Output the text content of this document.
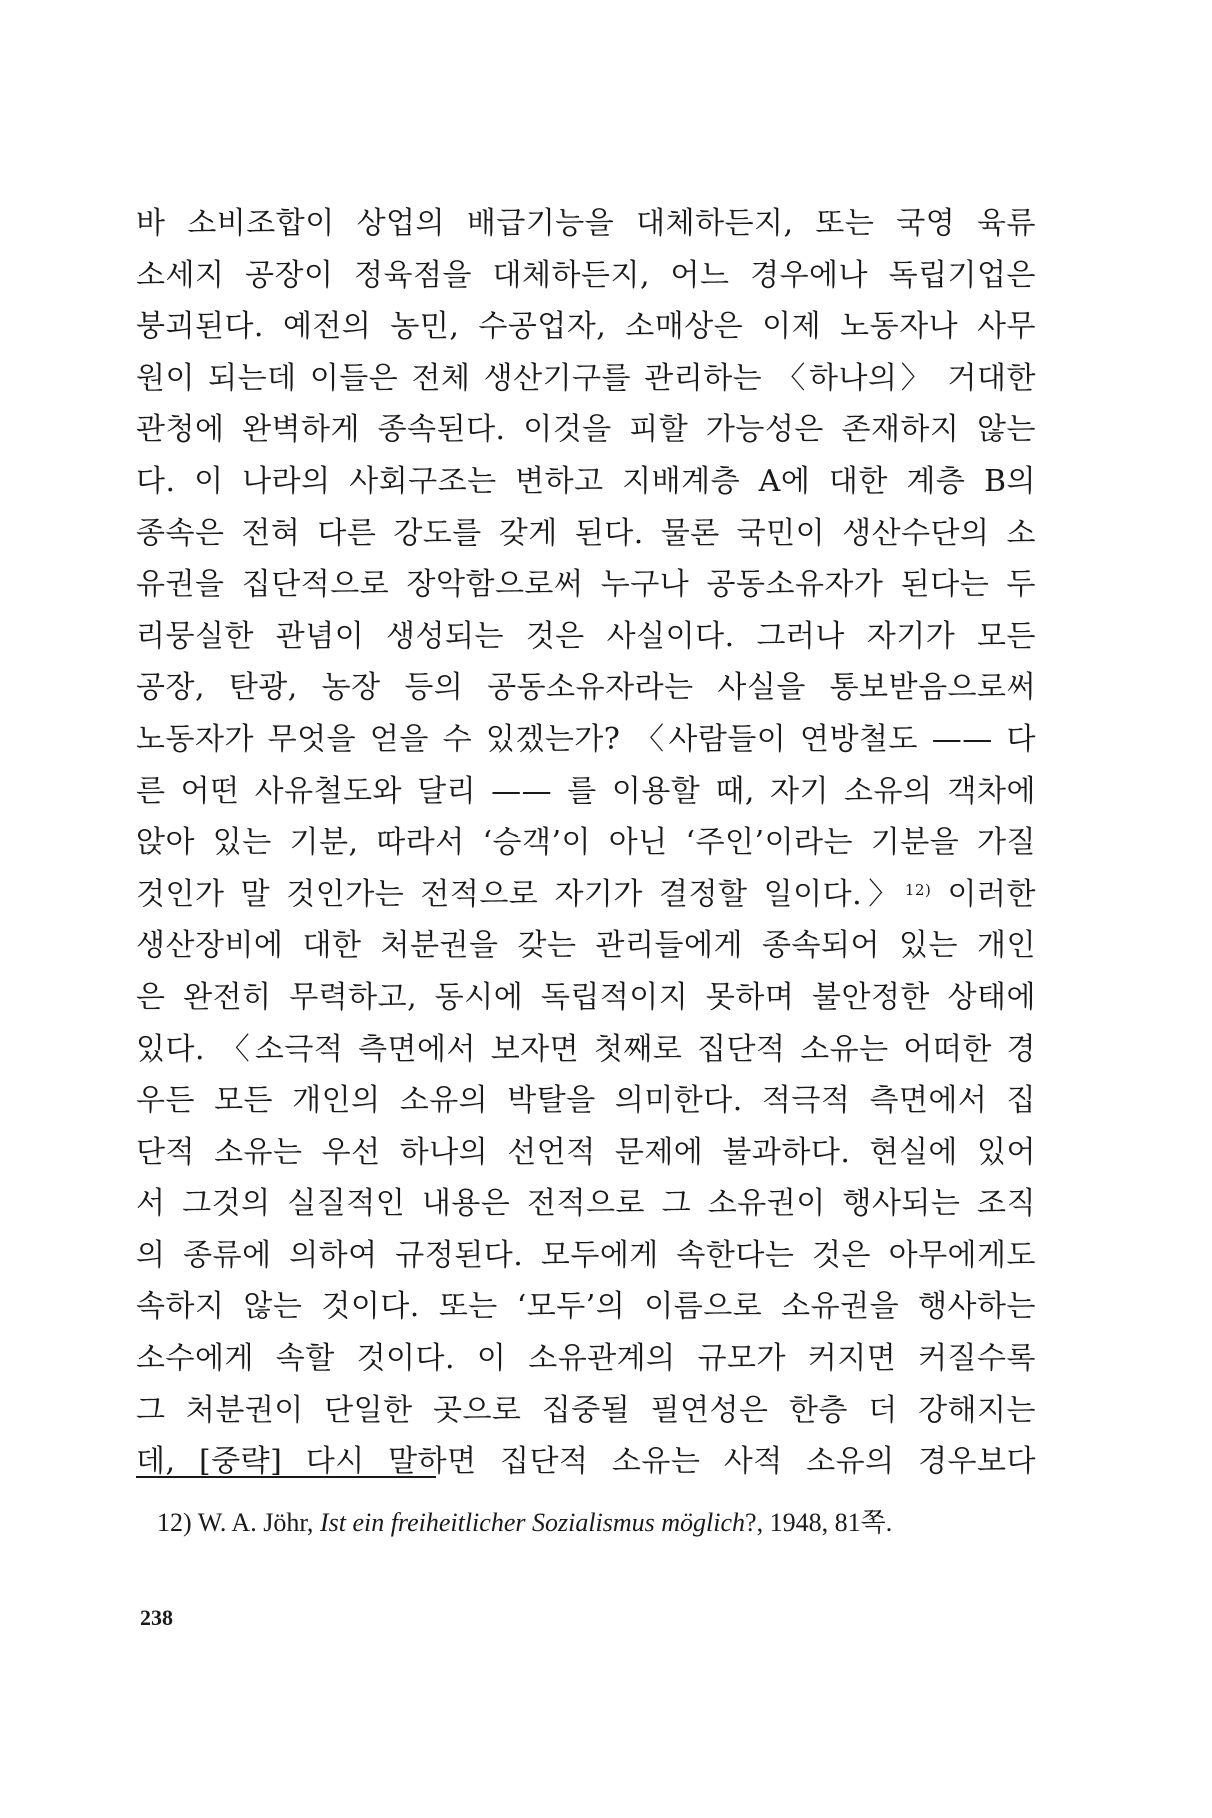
바 소비조합이 상업의 배급기능을 대체하든지, 또는 국영 육류
소세지 공장이 정육점을 대체하든지, 어느 경우에나 독립기업은
붕괴된다. 예전의 농민, 수공업자, 소매상은 이제 노동자나 사무
원이 되는데 이들은 전체 생산기구를 관리하는 〈하나의〉 거대한
관청에 완벽하게 종속된다. 이것을 피할 가능성은 존재하지 않는
다. 이 나라의 사회구조는 변하고 지배계층 A에 대한 계층 B의
종속은 전혀 다른 강도를 갖게 된다. 물론 국민이 생산수단의 소
유권을 집단적으로 장악함으로써 누구나 공동소유자가 된다는 두
리뭉실한 관념이 생성되는 것은 사실이다. 그러나 자기가 모든
공장, 탄광, 농장 등의 공동소유자라는 사실을 통보받음으로써
노동자가 무엇을 얻을 수 있겠는가? 〈사람들이 연방철도 —— 다
른 어떤 사유철도와 달리 —— 를 이용할 때, 자기 소유의 객차에
앉아 있는 기분, 따라서 ‘승객’이 아닌 ‘주인’이라는 기분을 가질
것인가 말 것인가는 전적으로 자기가 결정할 일이다.〉$^{12)}$ 이러한
생산장비에 대한 처분권을 갖는 관리들에게 종속되어 있는 개인
은 완전히 무력하고, 동시에 독립적이지 못하며 불안정한 상태에
있다. 〈소극적 측면에서 보자면 첫째로 집단적 소유는 어떠한 경
우든 모든 개인의 소유의 박탈을 의미한다. 적극적 측면에서 집
단적 소유는 우선 하나의 선언적 문제에 불과하다. 현실에 있어
서 그것의 실질적인 내용은 전적으로 그 소유권이 행사되는 조직
의 종류에 의하여 규정된다. 모두에게 속한다는 것은 아무에게도
속하지 않는 것이다. 또는 ‘모두’의 이름으로 소유권을 행사하는
소수에게 속할 것이다. 이 소유관계의 규모가 커지면 커질수록
그 처분권이 단일한 곳으로 집중될 필연성은 한층 더 강해지는
데, [중략] 다시 말하면 집단적 소유는 사적 소유의 경우보다
12) W. A. Jöhr, Ist ein freiheitlicher Sozialismus möglich?, 1948, 81쪽.
238
